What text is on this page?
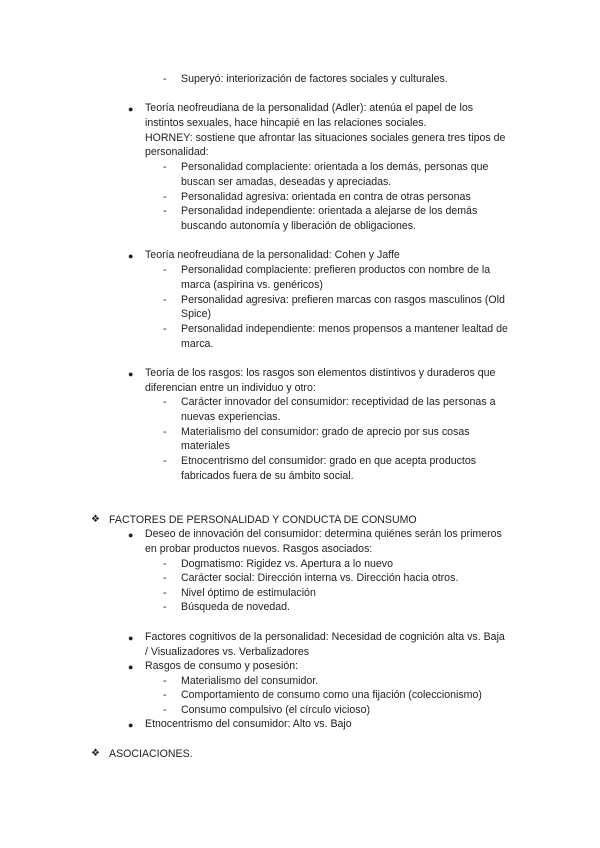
- Superyó: interiorización de factores sociales y culturales.
● Teoría neofreudiana de la personalidad (Adler): atenúa el papel de los
instintos sexuales, hace hincapié en las relaciones sociales.
HORNEY: sostiene que afrontar las situaciones sociales genera tres tipos de
personalidad:
- Personalidad complaciente: orientada a los demás, personas que
buscan ser amadas, deseadas y apreciadas.
- Personalidad agresiva: orientada en contra de otras personas
- Personalidad independiente: orientada a alejarse de los demás
buscando autonomía y liberación de obligaciones.
● Teoría neofreudiana de la personalidad: Cohen y Jaffe
- Personalidad complaciente: prefieren productos con nombre de la
marca (aspirina vs. genéricos)
- Personalidad agresiva: prefieren marcas con rasgos masculinos (Old
Spice)
- Personalidad independiente: menos propensos a mantener lealtad de
marca.
● Teoría de los rasgos: los rasgos son elementos distintivos y duraderos que
diferencian entre un individuo y otro:
- Carácter innovador del consumidor: receptividad de las personas a
nuevas experiencias.
- Materialismo del consumidor: grado de aprecio por sus cosas
materiales
- Etnocentrismo del consumidor: grado en que acepta productos
fabricados fuera de su ámbito social.
❖ FACTORES DE PERSONALIDAD Y CONDUCTA DE CONSUMO
● Deseo de innovación del consumidor: determina quiénes serán los primeros
en probar productos nuevos. Rasgos asociados:
- Dogmatismo: Rigidez vs. Apertura a lo nuevo
- Carácter social: Dirección interna vs. Dirección hacia otros.
- Nivel óptimo de estimulación
- Búsqueda de novedad.
● Factores cognitivos de la personalidad: Necesidad de cognición alta vs. Baja
/ Visualizadores vs. Verbalizadores
● Rasgos de consumo y posesión:
- Materialismo del consumidor.
- Comportamiento de consumo como una fijación (coleccionismo)
- Consumo compulsivo (el círculo vicioso)
● Etnocentrismo del consumidor: Alto vs. Bajo
❖ ASOCIACIONES.
